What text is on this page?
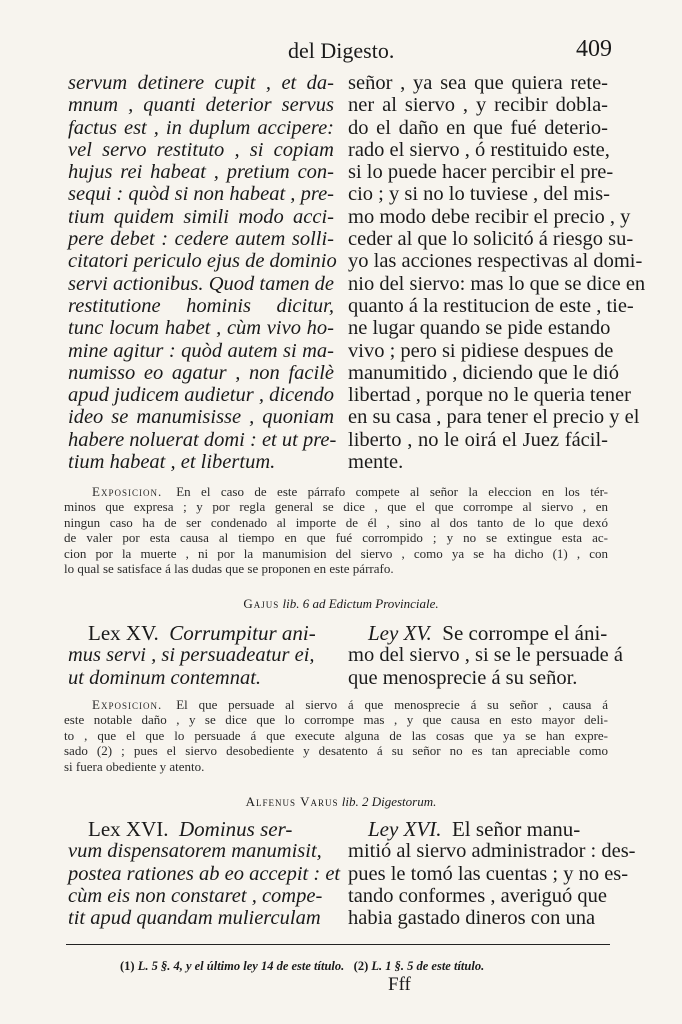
del Digesto.	409
servum detinere cupit , et da-
mnum , quanti deterior servus
factus est , in duplum accipere:
vel servo restituto , si copiam
hujus rei habeat , pretium con-
sequi : quòd si non habeat , pre-
tium quidem simili modo acci-
pere debet : cedere autem solli-
citatori periculo ejus de dominio
servi actionibus. Quod tamen de
restitutione hominis dicitur,
tunc locum habet , cùm vivo ho-
mine agitur : quòd autem si ma-
numisso eo agatur , non facilè
apud judicem audietur , dicendo
ideo se manumisisse , quoniam
habere noluerat domi : et ut pre-
tium habeat , et libertum.
señor , ya sea que quiera rete-
ner al siervo , y recibir dobla-
do el daño en que fué deterio-
rado el siervo , ó restituido este,
si lo puede hacer percibir el pre-
cio ; y si no lo tuviese , del mis-
mo modo debe recibir el precio , y
ceder al que lo solicitó á riesgo su-
yo las acciones respectivas al domi-
nio del siervo: mas lo que se dice en
quanto á la restitucion de este , tie-
ne lugar quando se pide estando
vivo ; pero si pidiese despues de
manumitido , diciendo que le dió
libertad , porque no le queria tener
en su casa , para tener el precio y el
liberto , no le oirá el Juez fácil-
mente.
Exposicion. En el caso de este párrafo compete al señor la eleccion en los tér-
minos que expresa ; y por regla general se dice , que el que corrompe al siervo , en
ningun caso ha de ser condenado al importe de él , sino al dos tanto de lo que dexó
de valer por esta causa al tiempo en que fué corrompido ; y no se extingue esta ac-
cion por la muerte , ni por la manumision del siervo , como ya se ha dicho (1) , con
lo qual se satisface á las dudas que se proponen en este párrafo.
Gajus lib. 6 ad Edictum Provinciale.
Lex XV. Corrumpitur ani-
mus servi , si persuadeatur ei,
ut dominum contemnat.
Ley XV. Se corrompe el áni-
mo del siervo , si se le persuade á
que menosprecie á su señor.
Exposicion. El que persuade al siervo á que menosprecie á su señor , causa á
este notable daño , y se dice que lo corrompe mas , y que causa en esto mayor deli-
to , que el que lo persuade á que execute alguna de las cosas que ya se han expre-
sado (2) ; pues el siervo desobediente y desatento á su señor no es tan apreciable como
si fuera obediente y atento.
Alfenus Varus lib. 2 Digestorum.
Lex XVI. Dominus ser-
vum dispensatorem manumisit,
postea rationes ab eo accepit : et
cùm eis non constaret , compe-
tit apud quandam mulierculam
Ley XVI. El señor manu-
mitió al siervo administrador : des-
pues le tomó las cuentas ; y no es-
tando conformes , averiguó que
habia gastado dineros con una
(1) L. 5 §. 4, y el último ley 14 de este título. (2) L. 1 §. 5 de este título.
Fff
